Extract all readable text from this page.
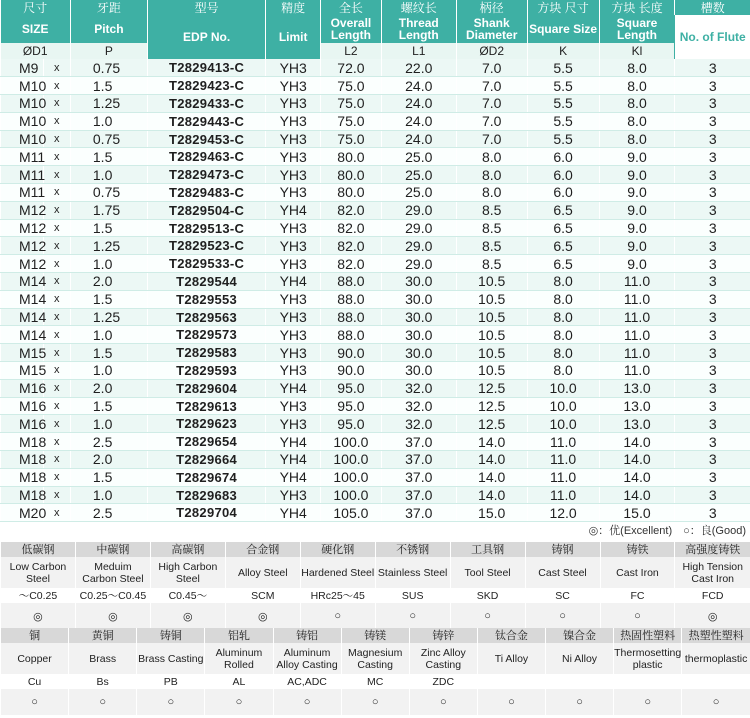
尺寸		牙距	型号	精度	全长	螺纹长	柄径	方块 尺寸	方块 长度	槽数
SIZE		Pitch	EDP No.	Limit	Overall Length	Thread Length	Shank Diameter	Square Size	Square Length	No. of Flute
ØD1		P			L2	L1	ØD2	K	Kl	
M9	x	0.75	T2829413-C	YH3	72.0	22.0	7.0	5.5	8.0	3
M10	x	1.5	T2829423-C	YH3	75.0	24.0	7.0	5.5	8.0	3
M10	x	1.25	T2829433-C	YH3	75.0	24.0	7.0	5.5	8.0	3
M10	x	1.0	T2829443-C	YH3	75.0	24.0	7.0	5.5	8.0	3
M10	x	0.75	T2829453-C	YH3	75.0	24.0	7.0	5.5	8.0	3
M11	x	1.5	T2829463-C	YH3	80.0	25.0	8.0	6.0	9.0	3
M11	x	1.0	T2829473-C	YH3	80.0	25.0	8.0	6.0	9.0	3
M11	x	0.75	T2829483-C	YH3	80.0	25.0	8.0	6.0	9.0	3
M12	x	1.75	T2829504-C	YH4	82.0	29.0	8.5	6.5	9.0	3
M12	x	1.5	T2829513-C	YH3	82.0	29.0	8.5	6.5	9.0	3
M12	x	1.25	T2829523-C	YH3	82.0	29.0	8.5	6.5	9.0	3
M12	x	1.0	T2829533-C	YH3	82.0	29.0	8.5	6.5	9.0	3
M14	x	2.0	T2829544	YH4	88.0	30.0	10.5	8.0	11.0	3
M14	x	1.5	T2829553	YH3	88.0	30.0	10.5	8.0	11.0	3
M14	x	1.25	T2829563	YH3	88.0	30.0	10.5	8.0	11.0	3
M14	x	1.0	T2829573	YH3	88.0	30.0	10.5	8.0	11.0	3
M15	x	1.5	T2829583	YH3	90.0	30.0	10.5	8.0	11.0	3
M15	x	1.0	T2829593	YH3	90.0	30.0	10.5	8.0	11.0	3
M16	x	2.0	T2829604	YH4	95.0	32.0	12.5	10.0	13.0	3
M16	x	1.5	T2829613	YH3	95.0	32.0	12.5	10.0	13.0	3
M16	x	1.0	T2829623	YH3	95.0	32.0	12.5	10.0	13.0	3
M18	x	2.5	T2829654	YH4	100.0	37.0	14.0	11.0	14.0	3
M18	x	2.0	T2829664	YH4	100.0	37.0	14.0	11.0	14.0	3
M18	x	1.5	T2829674	YH4	100.0	37.0	14.0	11.0	14.0	3
M18	x	1.0	T2829683	YH3	100.0	37.0	14.0	11.0	14.0	3
M20	x	2.5	T2829704	YH4	105.0	37.0	15.0	12.0	15.0	3
◎：优(Excellent)　○：良(Good)
低碳钢	中碳钢	高碳钢	合金钢	硬化钢	不锈钢	工具钢	铸钢	铸铁	高强度铸铁
Low Carbon Steel	Meduim Carbon Steel	High Carbon Steel	Alloy Steel	Hardened Steel	Stainless Steel	Tool Steel	Cast Steel	Cast Iron	High Tension Cast Iron
～C0.25	C0.25～C0.45	C0.45～	SCM	HRc25～45	SUS	SKD	SC	FC	FCD
◎	◎	◎	◎	○	○	○	○	○	◎
铜	黄铜	铸铜	铝轧	铸铝	铸镁	铸锌	钛合金	镍合金	热固性塑料	热塑性塑料
Copper	Brass	Brass Casting	Aluminum Rolled	Aluminum Alloy Casting	Magnesium Casting	Zinc Alloy Casting	Ti Alloy	Ni Alloy	Thermosetting plastic	thermoplastic
Cu	Bs	PB	AL	AC,ADC	MC	ZDC				
○	○	○	○	○	○	○	○	○	○	○
